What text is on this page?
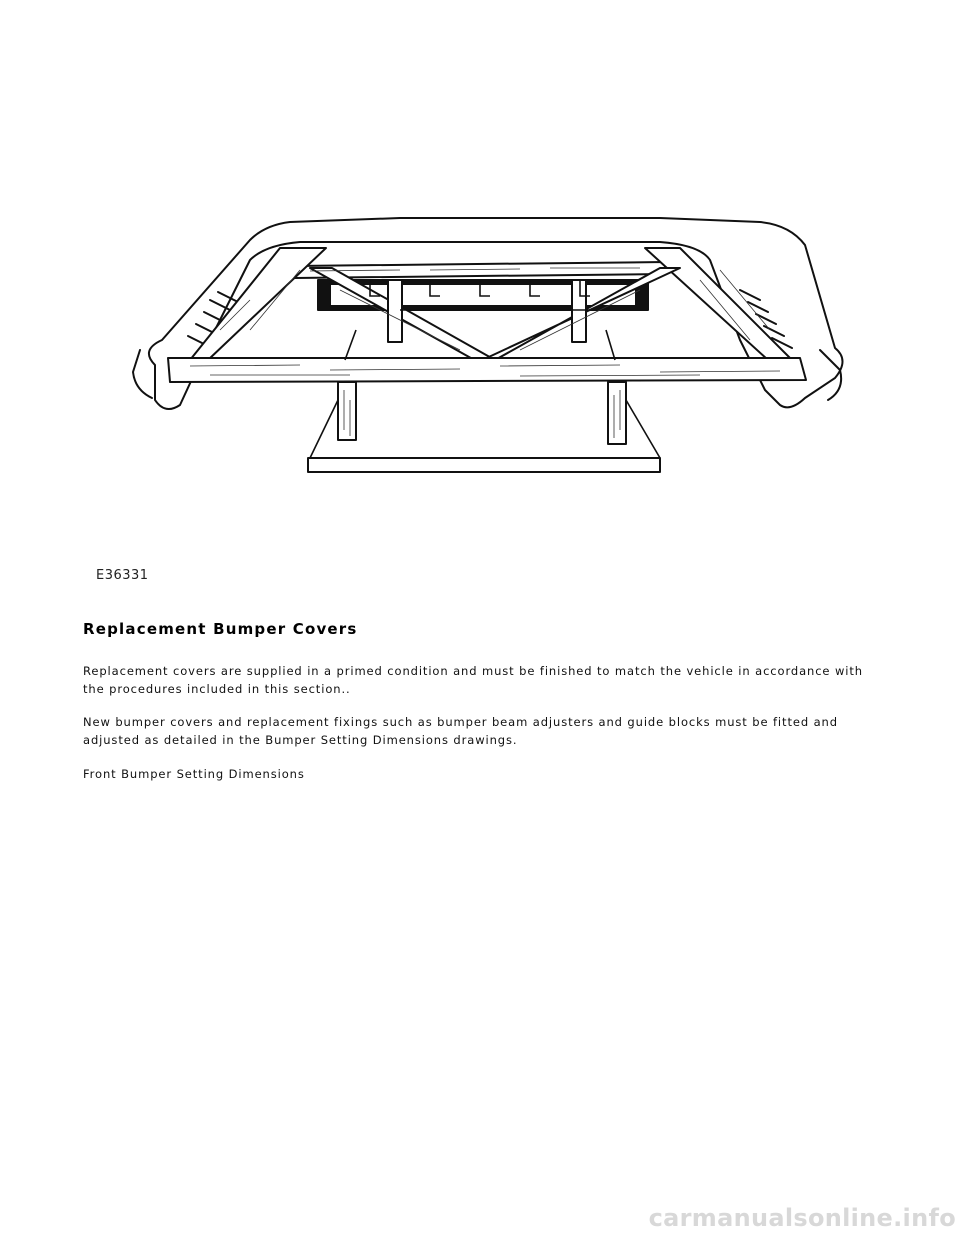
E36331
Replacement Bumper Covers

Replacement covers are supplied in a primed condition and must be finished to match the vehicle in accordance with the procedures included in this section..

New bumper covers and replacement fixings such as bumper beam adjusters and guide blocks must be fitted and adjusted as detailed in the Bumper Setting Dimensions drawings.

Front Bumper Setting Dimensions

carmanualsonline.info
